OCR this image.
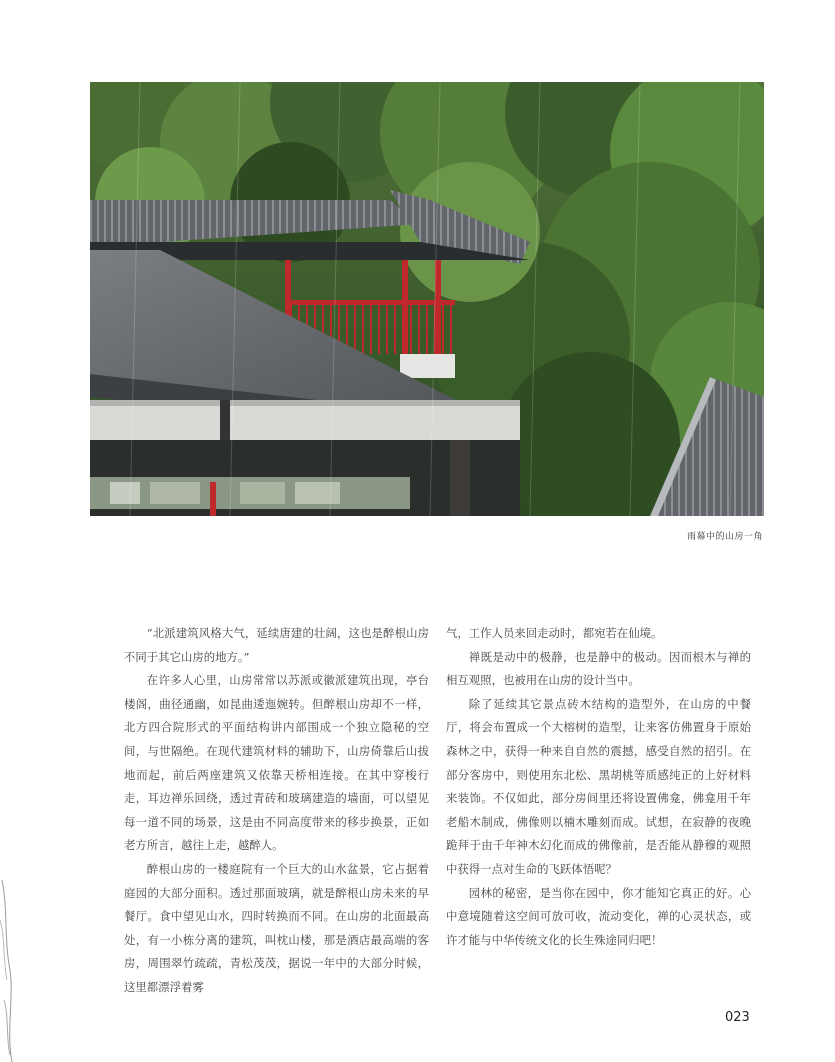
雨幕中的山房一角

“北派建筑风格大气，延续唐建的壮阔，这也是醉根山房不同于其它山房的地方。”

在许多人心里，山房常常以苏派或徽派建筑出现，亭台楼阁，曲径通幽，如昆曲逶迤婉转。但醉根山房却不一样，北方四合院形式的平面结构讲内部围成一个独立隐秘的空间，与世隔绝。在现代建筑材料的辅助下，山房倚靠后山拔地而起，前后两座建筑又依靠天桥相连接。在其中穿梭行走，耳边禅乐回绕，透过青砖和玻璃建造的墙面，可以望见每一道不同的场景，这是由不同高度带来的移步换景，正如老方所言，越往上走，越醉人。

醉根山房的一楼庭院有一个巨大的山水盆景，它占据着庭园的大部分面积。透过那面玻璃，就是醉根山房未来的早餐厅。食中望见山水，四时转换而不同。在山房的北面最高处，有一小栋分离的建筑，叫枕山楼，那是酒店最高端的客房，周围翠竹疏疏，青松茂茂，据说一年中的大部分时候，这里都漂浮着雾

气，工作人员来回走动时，都宛若在仙境。

禅既是动中的极静，也是静中的极动。因而根木与禅的相互观照，也被用在山房的设计当中。

除了延续其它景点砖木结构的造型外，在山房的中餐厅，将会布置成一个大榕树的造型，让来客仿佛置身于原始森林之中，获得一种来自自然的震撼，感受自然的招引。在部分客房中，则使用东北松、黑胡桃等质感纯正的上好材料来装饰。不仅如此，部分房间里还将设置佛龛，佛龛用千年老船木制成，佛像则以楠木雕刻而成。试想，在寂静的夜晚跪拜于由千年神木幻化而成的佛像前，是否能从静穆的观照中获得一点对生命的飞跃体悟呢？

园林的秘密，是当你在园中，你才能知它真正的好。心中意境随着这空间可放可收，流动变化，禅的心灵状态，或许才能与中华传统文化的长生殊途同归吧！

023
